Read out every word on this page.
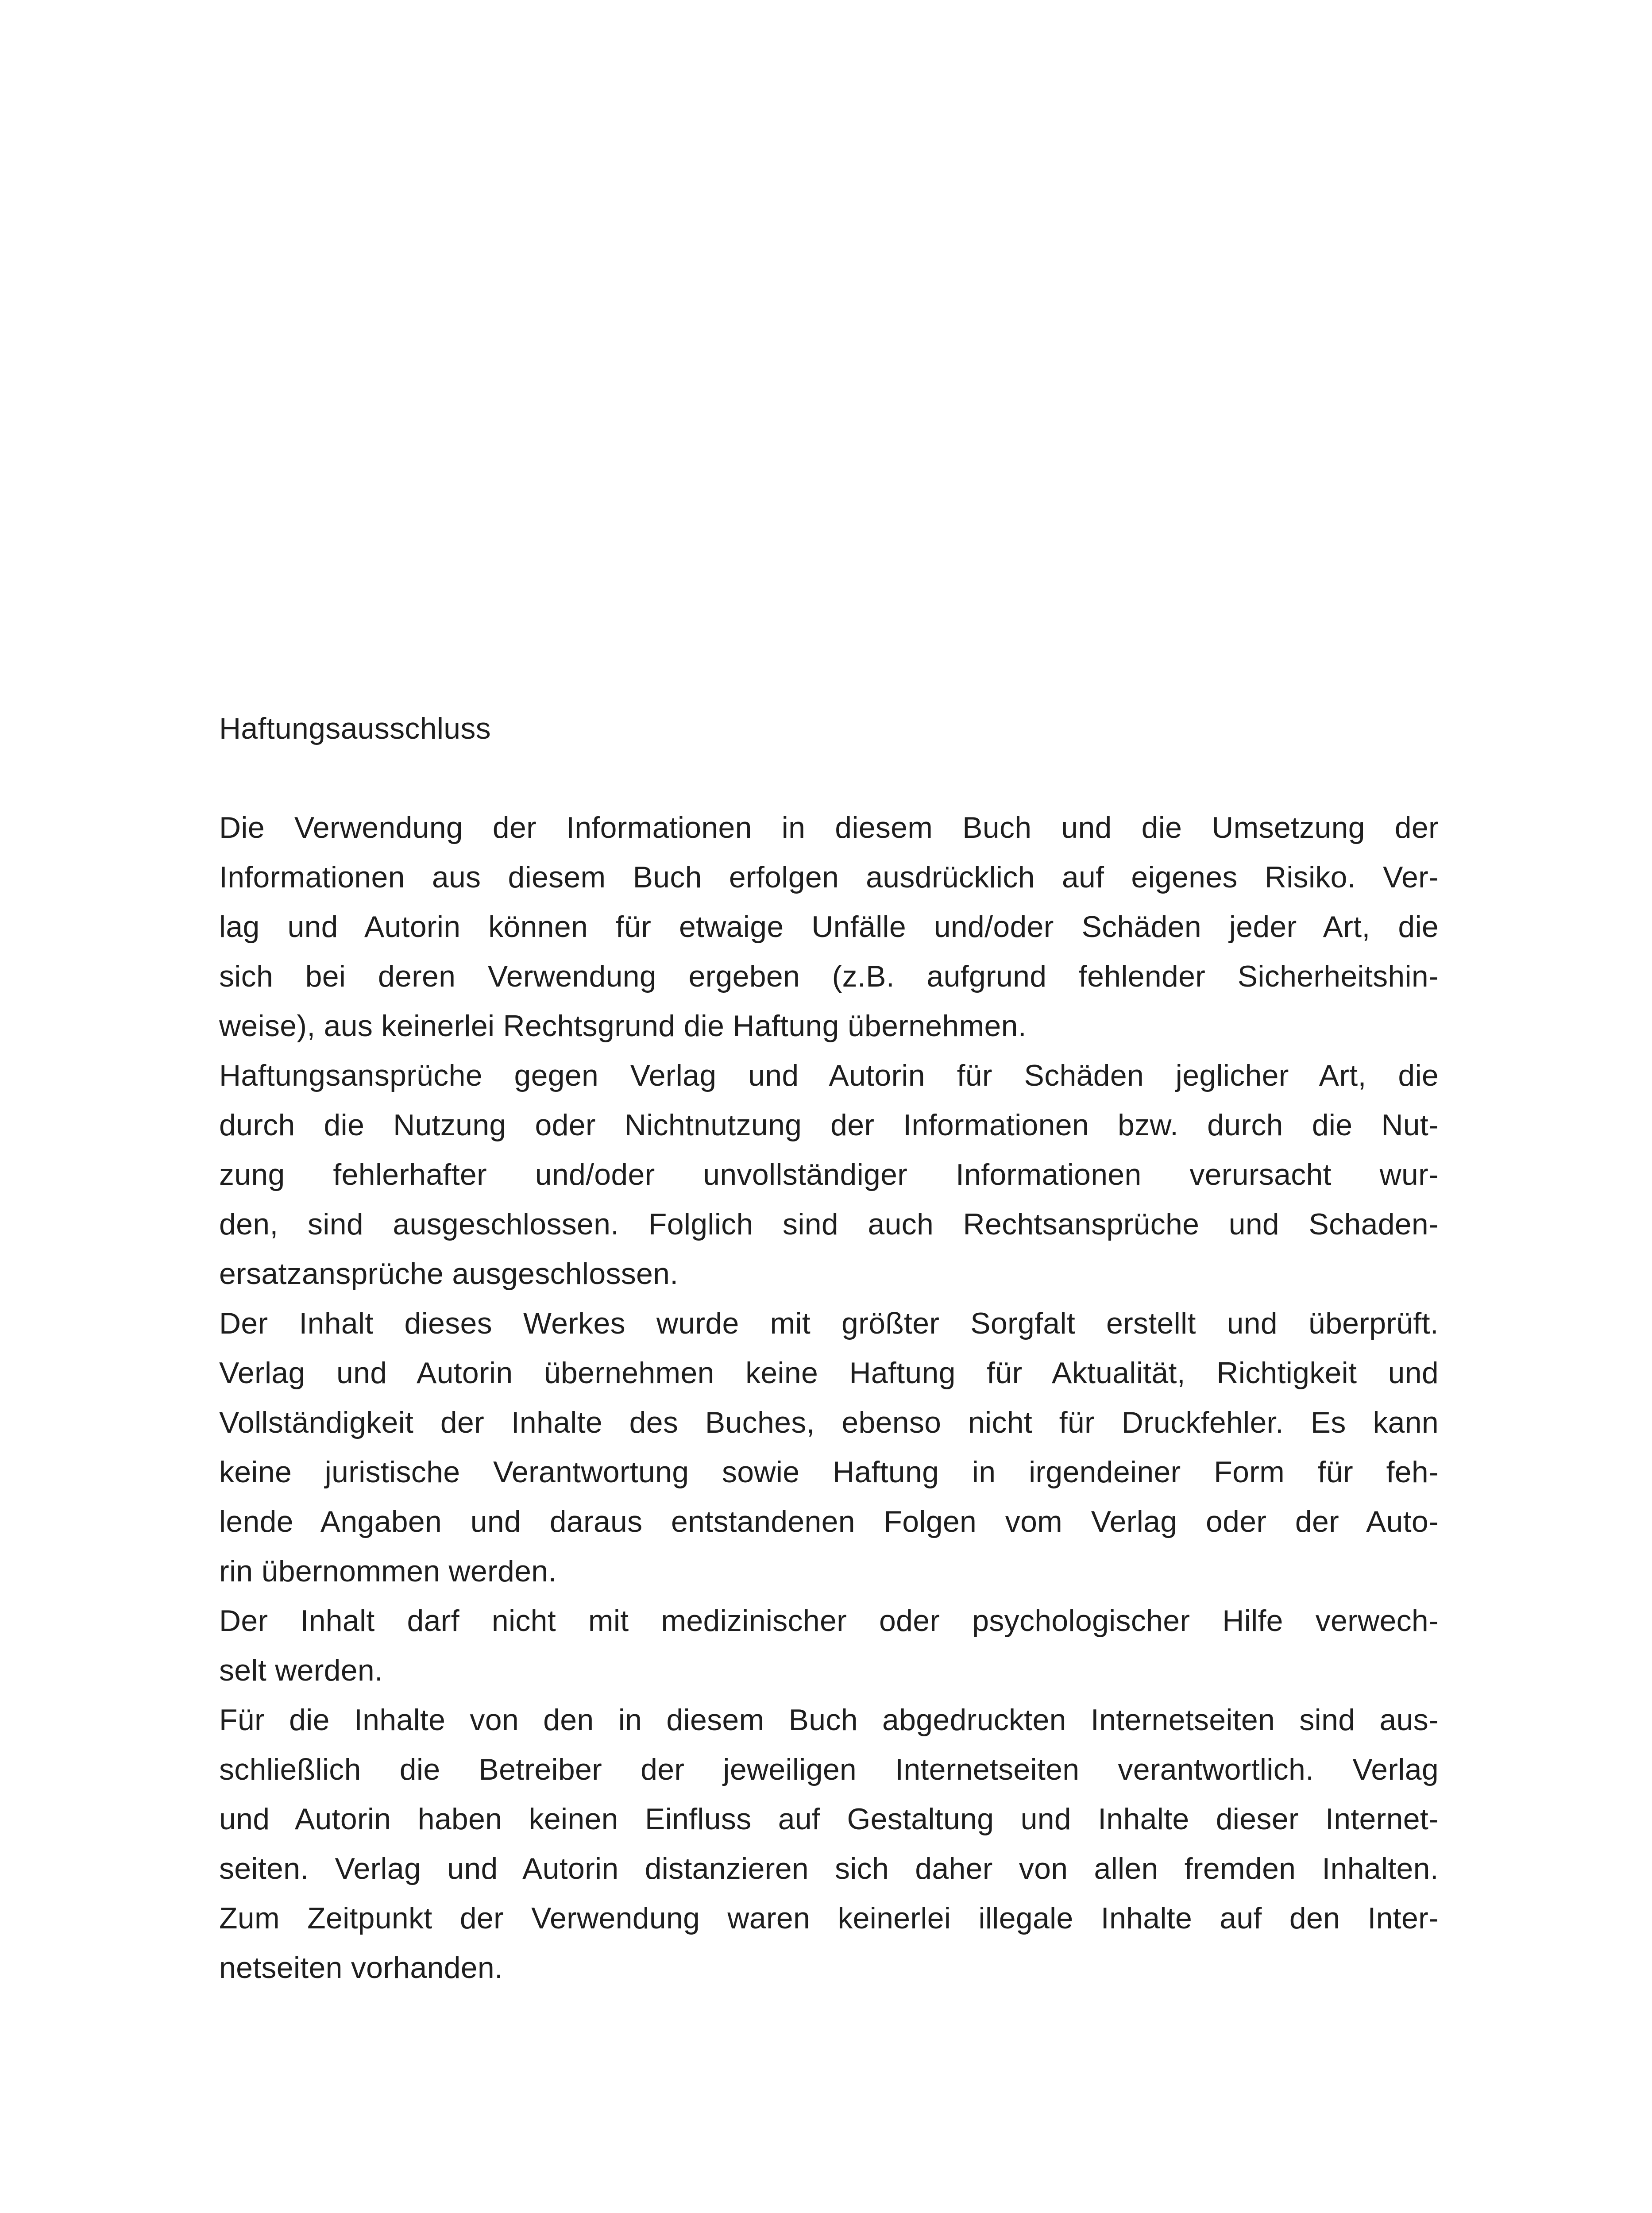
Haftungsausschluss

Die Verwendung der Informationen in diesem Buch und die Umsetzung der
Informationen aus diesem Buch erfolgen ausdrücklich auf eigenes Risiko. Ver-
lag und Autorin können für etwaige Unfälle und/oder Schäden jeder Art, die
sich bei deren Verwendung ergeben (z.B. aufgrund fehlender Sicherheitshin-
weise), aus keinerlei Rechtsgrund die Haftung übernehmen.

Haftungsansprüche gegen Verlag und Autorin für Schäden jeglicher Art, die
durch die Nutzung oder Nichtnutzung der Informationen bzw. durch die Nut-
zung fehlerhafter und/oder unvollständiger Informationen verursacht wur-
den, sind ausgeschlossen. Folglich sind auch Rechtsansprüche und Schaden-
ersatzansprüche ausgeschlossen.

Der Inhalt dieses Werkes wurde mit größter Sorgfalt erstellt und überprüft.
Verlag und Autorin übernehmen keine Haftung für Aktualität, Richtigkeit und
Vollständigkeit der Inhalte des Buches, ebenso nicht für Druckfehler. Es kann
keine juristische Verantwortung sowie Haftung in irgendeiner Form für feh-
lende Angaben und daraus entstandenen Folgen vom Verlag oder der Auto-
rin übernommen werden.

Der Inhalt darf nicht mit medizinischer oder psychologischer Hilfe verwech-
selt werden.

Für die Inhalte von den in diesem Buch abgedruckten Internetseiten sind aus-
schließlich die Betreiber der jeweiligen Internetseiten verantwortlich. Verlag
und Autorin haben keinen Einfluss auf Gestaltung und Inhalte dieser Internet-
seiten. Verlag und Autorin distanzieren sich daher von allen fremden Inhalten.
Zum Zeitpunkt der Verwendung waren keinerlei illegale Inhalte auf den Inter-
netseiten vorhanden.
